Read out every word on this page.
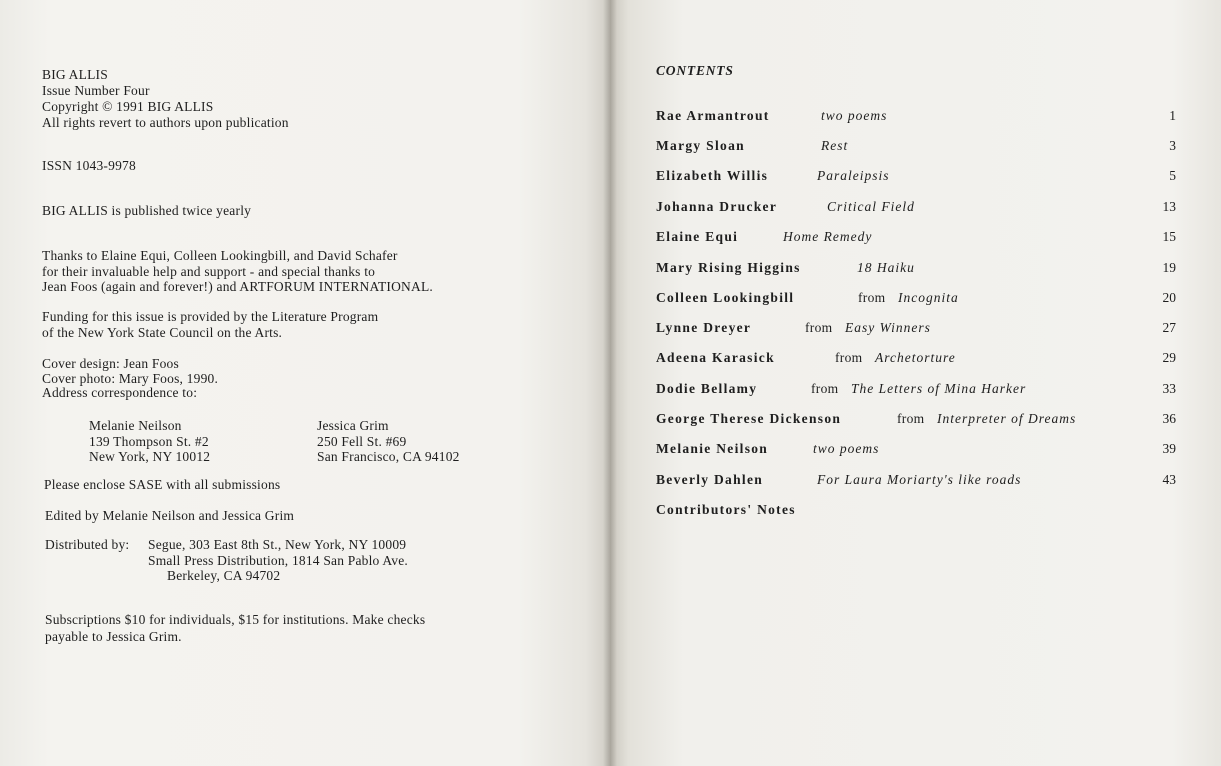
BIG ALLIS
Issue Number Four
Copyright © 1991 BIG ALLIS
All rights revert to authors upon publication
ISSN 1043-9978
BIG ALLIS is published twice yearly
Thanks to Elaine Equi, Colleen Lookingbill, and David Schafer
for their invaluable help and support - and special thanks to
Jean Foos (again and forever!) and ARTFORUM INTERNATIONAL.
Funding for this issue is provided by the Literature Program
of the New York State Council on the Arts.
Cover design: Jean Foos
Cover photo: Mary Foos, 1990.
Address correspondence to:
Melanie Neilson
139 Thompson St. #2
New York, NY 10012
Jessica Grim
250 Fell St. #69
San Francisco, CA 94102
Please enclose SASE with all submissions
Edited by Melanie Neilson and Jessica Grim
Distributed by: Segue, 303 East 8th St., New York, NY 10009
Small Press Distribution, 1814 San Pablo Ave.
Berkeley, CA 94702
Subscriptions $10 for individuals, $15 for institutions. Make checks
payable to Jessica Grim.
CONTENTS
Rae Armantrout	two poems	1
Margy Sloan	Rest	3
Elizabeth Willis	Paraleipsis	5
Johanna Drucker	Critical Field	13
Elaine Equi	Home Remedy	15
Mary Rising Higgins	18 Haiku	19
Colleen Lookingbill	from Incognita	20
Lynne Dreyer	from Easy Winners	27
Adeena Karasick	from Archetorture	29
Dodie Bellamy	from The Letters of Mina Harker	33
George Therese Dickenson	from Interpreter of Dreams	36
Melanie Neilson	two poems	39
Beverly Dahlen	For Laura Moriarty's like roads	43
Contributors' Notes
